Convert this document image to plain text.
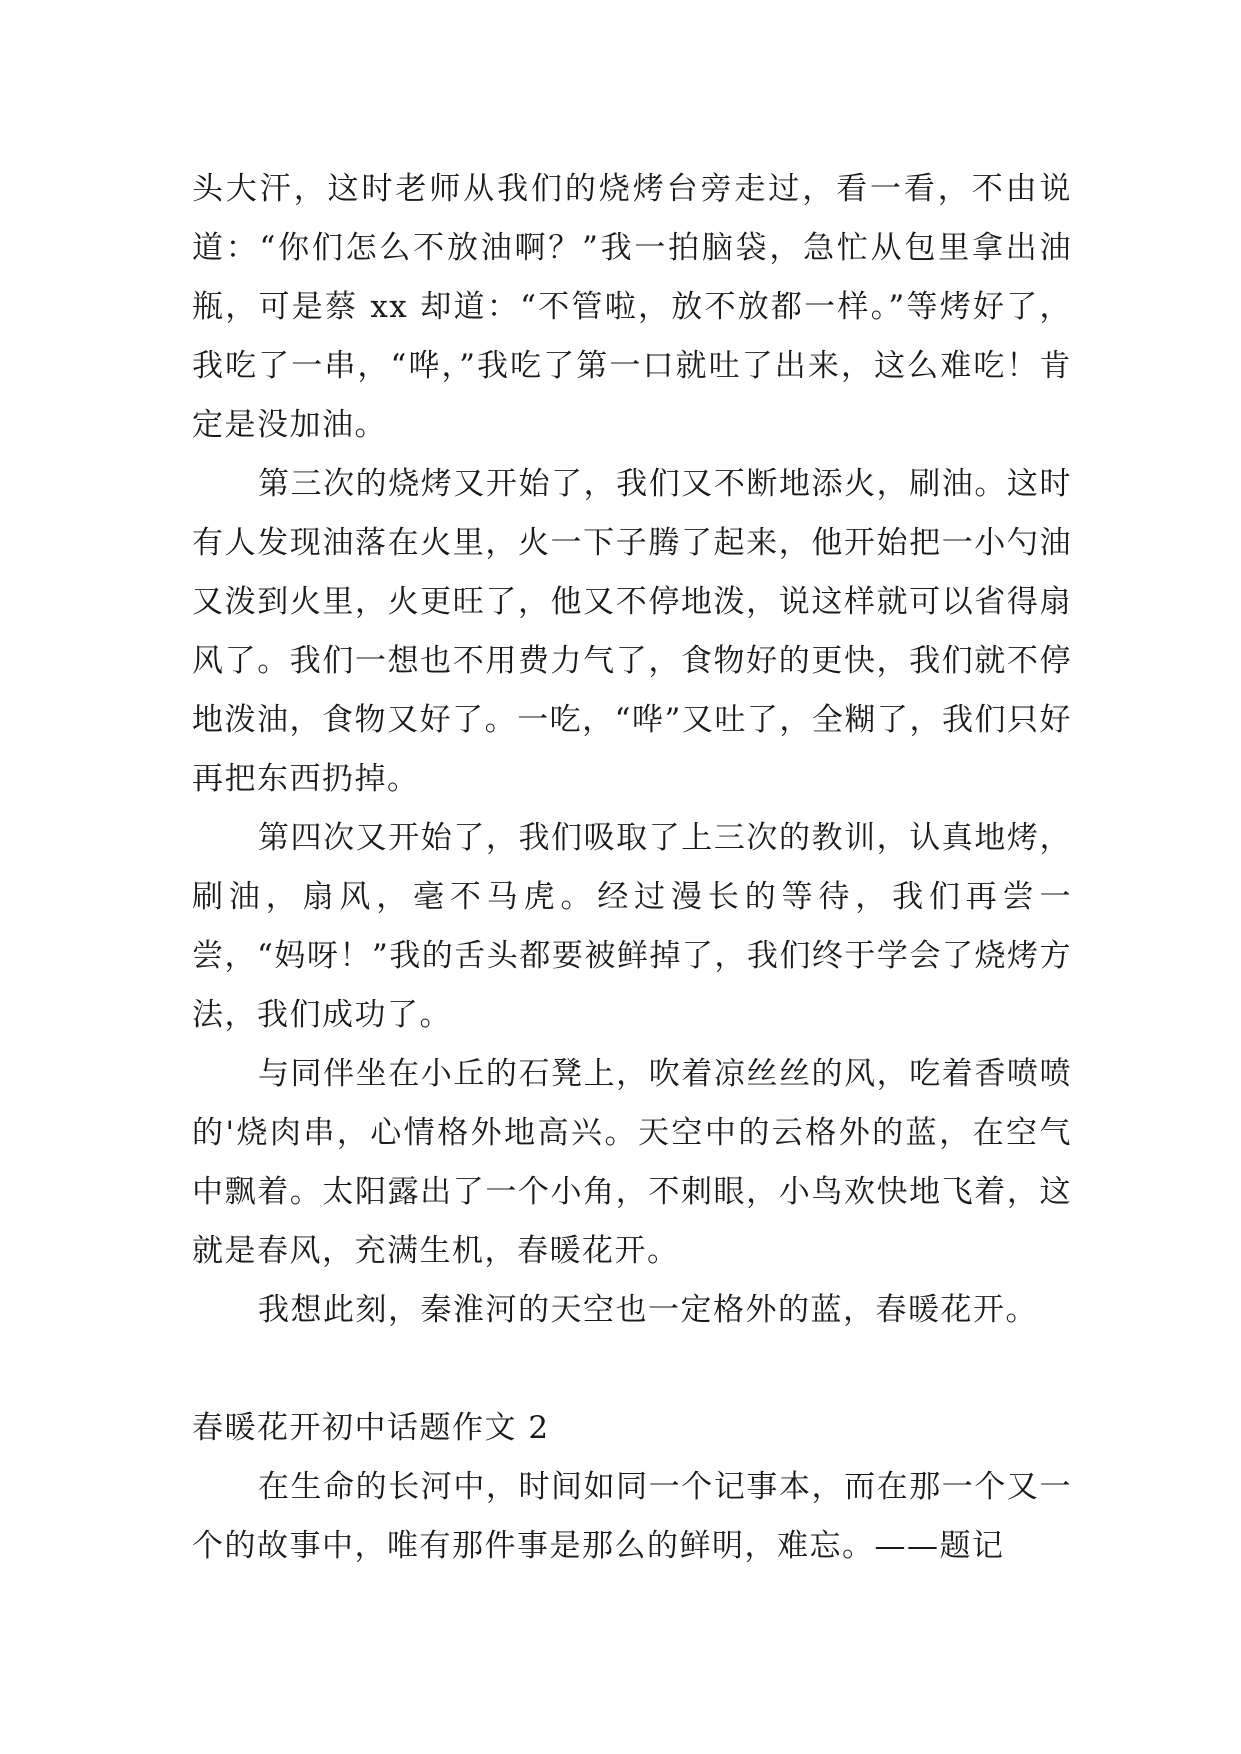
头大汗，这时老师从我们的烧烤台旁走过，看一看，不由说道：“你们怎么不放油啊？”我一拍脑袋，急忙从包里拿出油瓶，可是蔡 xx 却道：“不管啦，放不放都一样。”等烤好了，我吃了一串，“哗，”我吃了第一口就吐了出来，这么难吃！肯定是没加油。

第三次的烧烤又开始了，我们又不断地添火，刷油。这时有人发现油落在火里，火一下子腾了起来，他开始把一小勺油又泼到火里，火更旺了，他又不停地泼，说这样就可以省得扇风了。我们一想也不用费力气了，食物好的更快，我们就不停地泼油，食物又好了。一吃，“哗”又吐了，全糊了，我们只好再把东西扔掉。

第四次又开始了，我们吸取了上三次的教训，认真地烤，刷油，扇风，毫不马虎。经过漫长的等待，我们再尝一尝，“妈呀！”我的舌头都要被鲜掉了，我们终于学会了烧烤方法，我们成功了。

与同伴坐在小丘的石凳上，吹着凉丝丝的风，吃着香喷喷的'烧肉串，心情格外地高兴。天空中的云格外的蓝，在空气中飘着。太阳露出了一个小角，不刺眼，小鸟欢快地飞着，这就是春风，充满生机，春暖花开。

我想此刻，秦淮河的天空也一定格外的蓝，春暖花开。

春暖花开初中话题作文 2

在生命的长河中，时间如同一个记事本，而在那一个又一个的故事中，唯有那件事是那么的鲜明，难忘。——题记
